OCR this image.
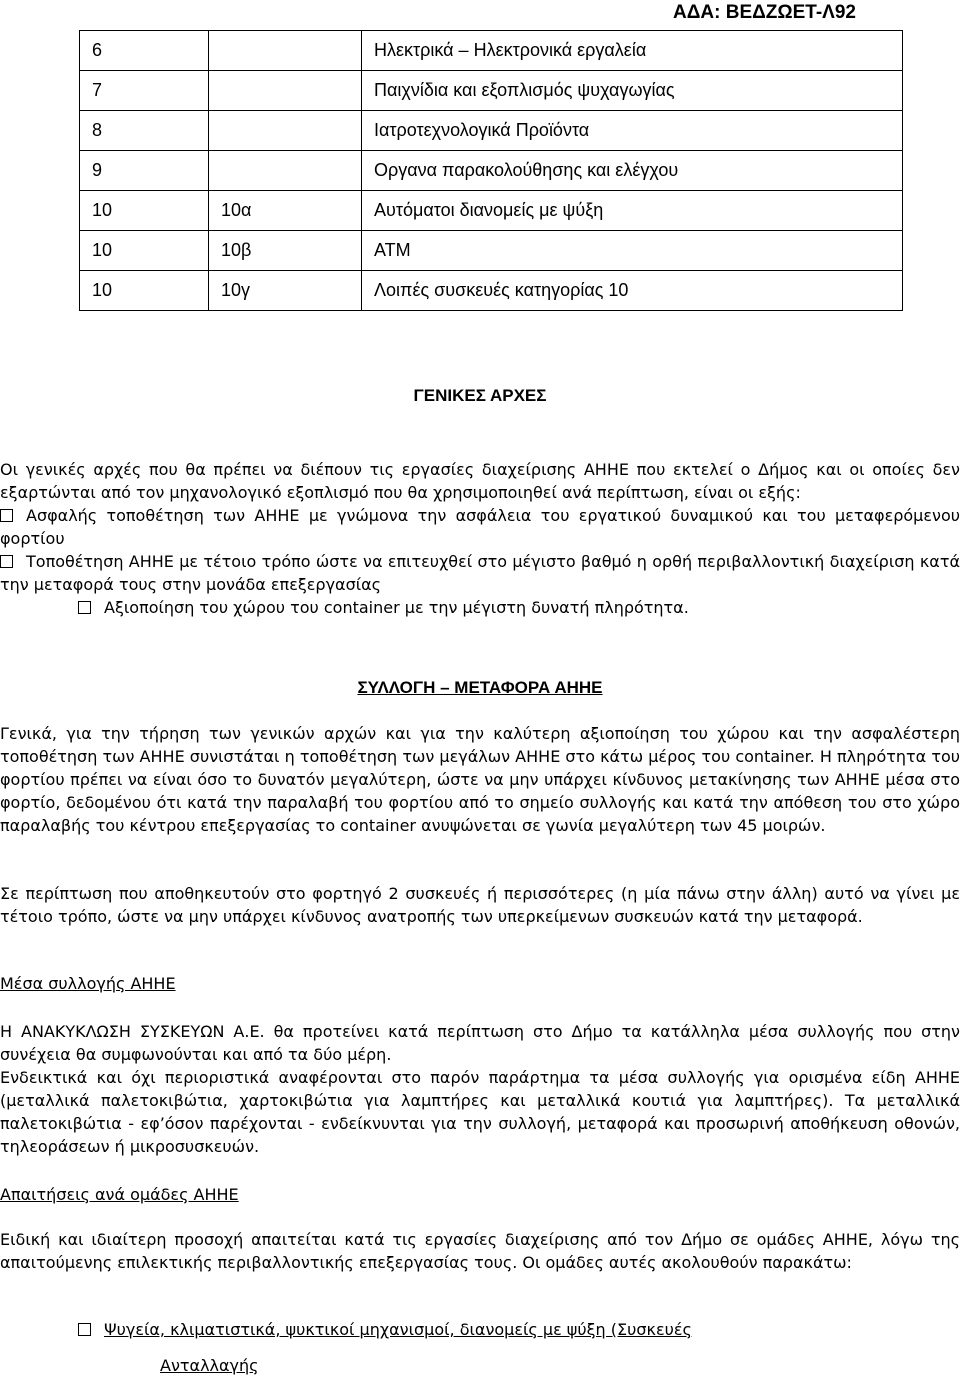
ΑΔΑ: ΒΕΔΖΩΕΤ-Λ92
6		Ηλεκτρικά – Ηλεκτρονικά εργαλεία
7		Παιχνίδια και εξοπλισμός ψυχαγωγίας
8		Ιατροτεχνολογικά Προϊόντα
9		Οργανα παρακολούθησης και ελέγχου
10	10α	Αυτόματοι διανομείς με ψύξη
10	10β	ATM
10	10γ	Λοιπές συσκευές κατηγορίας 10
ΓΕΝΙΚΕΣ ΑΡΧΕΣ

Οι γενικές αρχές που θα πρέπει να διέπουν τις εργασίες διαχείρισης ΑΗΗΕ που εκτελεί ο Δήμος και οι οποίες δεν εξαρτώνται από τον μηχανολογικό εξοπλισμό που θα χρησιμοποιηθεί ανά περίπτωση, είναι οι εξής:

Ασφαλής τοποθέτηση των ΑΗΗΕ με γνώμονα την ασφάλεια του εργατικού δυναμικού και του μεταφερόμενου φορτίου

Τοποθέτηση ΑΗΗΕ με τέτοιο τρόπο ώστε να επιτευχθεί στο μέγιστο βαθμό η ορθή περιβαλλοντική διαχείριση κατά την μεταφορά τους στην μονάδα επεξεργασίας

Αξιοποίηση του χώρου του container με την μέγιστη δυνατή πληρότητα.

ΣΥΛΛΟΓΗ – ΜΕΤΑΦΟΡΑ ΑΗΗΕ

Γενικά, για την τήρηση των γενικών αρχών και για την καλύτερη αξιοποίηση του χώρου και την ασφαλέστερη τοποθέτηση των ΑΗΗΕ συνιστάται η τοποθέτηση των μεγάλων ΑΗΗΕ στο κάτω μέρος του container. Η πληρότητα του φορτίου πρέπει να είναι όσο το δυνατόν μεγαλύτερη, ώστε να μην υπάρχει κίνδυνος μετακίνησης των ΑΗΗΕ μέσα στο φορτίο, δεδομένου ότι κατά την παραλαβή του φορτίου από το σημείο συλλογής και κατά την απόθεση του στο χώρο παραλαβής του κέντρου επεξεργασίας το container ανυψώνεται σε γωνία μεγαλύτερη των 45 μοιρών.

Σε περίπτωση που αποθηκευτούν στο φορτηγό 2 συσκευές ή περισσότερες (η μία πάνω στην άλλη) αυτό να γίνει με τέτοιο τρόπο, ώστε να μην υπάρχει κίνδυνος ανατροπής των υπερκείμενων συσκευών κατά την μεταφορά.

Μέσα συλλογής ΑΗΗΕ

Η ΑΝΑΚΥΚΛΩΣΗ ΣΥΣΚΕΥΩΝ Α.Ε. θα προτείνει κατά περίπτωση στο Δήμο τα κατάλληλα μέσα συλλογής που στην συνέχεια θα συμφωνούνται και από τα δύο μέρη.

Ενδεικτικά και όχι περιοριστικά αναφέρονται στο παρόν παράρτημα τα μέσα συλλογής για ορισμένα είδη ΑΗΗΕ (μεταλλικά παλετοκιβώτια, χαρτοκιβώτια για λαμπτήρες και μεταλλικά κουτιά για λαμπτήρες). Τα μεταλλικά παλετοκιβώτια - εφ’όσον παρέχονται - ενδείκνυνται για την συλλογή, μεταφορά και προσωρινή αποθήκευση οθονών, τηλεοράσεων ή μικροσυσκευών.

Απαιτήσεις ανά ομάδες ΑΗΗΕ

Ειδική και ιδιαίτερη προσοχή απαιτείται κατά τις εργασίες διαχείρισης από τον Δήμο σε ομάδες ΑΗΗΕ, λόγω της απαιτούμενης επιλεκτικής περιβαλλοντικής επεξεργασίας τους. Οι ομάδες αυτές ακολουθούν παρακάτω:

Ψυγεία, κλιματιστικά, ψυκτικοί μηχανισμοί, διανομείς με ψύξη (Συσκευές

Ανταλλαγής
